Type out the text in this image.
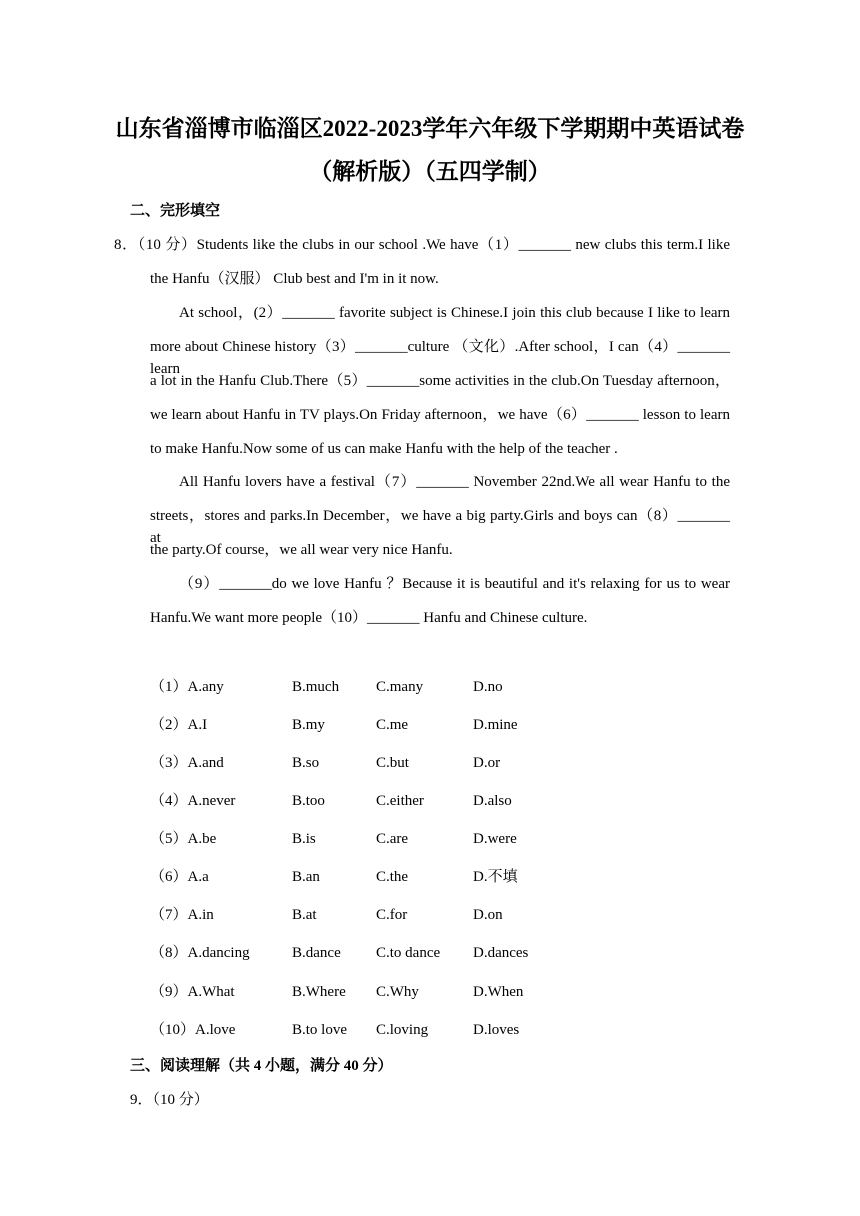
山东省淄博市临淄区2022-2023学年六年级下学期期中英语试卷
（解析版）（五四学制）
二、完形填空
8．（10 分）Students like the clubs in our school .We have（1）_______ new clubs this term.I like
the Hanfu（汉服） Club best and I'm in it now.
At school，(2）_______ favorite subject is Chinese.I join this club because I like to learn
more about Chinese history（3）_______culture （文化）.After school，I can（4）_______ learn
a lot in the Hanfu Club.There（5）_______some activities in the club.On Tuesday afternoon，
we learn about Hanfu in TV plays.On Friday afternoon，we have（6）_______ lesson to learn
to make Hanfu.Now some of us can make Hanfu with the help of the teacher .
All Hanfu lovers have a festival（7）_______ November 22nd.We all wear Hanfu to the
streets，stores and parks.In December，we have a big party.Girls and boys can（8）_______ at
the party.Of course，we all wear very nice Hanfu.
（9）_______do we love Hanfu ？Because it is beautiful and it's relaxing for us to wear
Hanfu.We want more people（10）_______ Hanfu and Chinese culture.
（1）A.any	B.much C.many	D.no
（2）A.I	B.my	C.me	D.mine
（3）A.and	B.so	C.but	D.or
（4）A.never	B.too	C.either	D.also
（5）A.be	B.is	C.are	D.were
（6）A.a	B.an	C.the	D.不填
（7）A.in	B.at	C.for	D.on
（8）A.dancing	B.dance C.to dance D.dances
（9）A.What	B.Where C.Why	D.When
（10）A.love	B.to love C.loving	D.loves
三、阅读理解（共 4 小题，满分 40 分）
9．（10 分）
